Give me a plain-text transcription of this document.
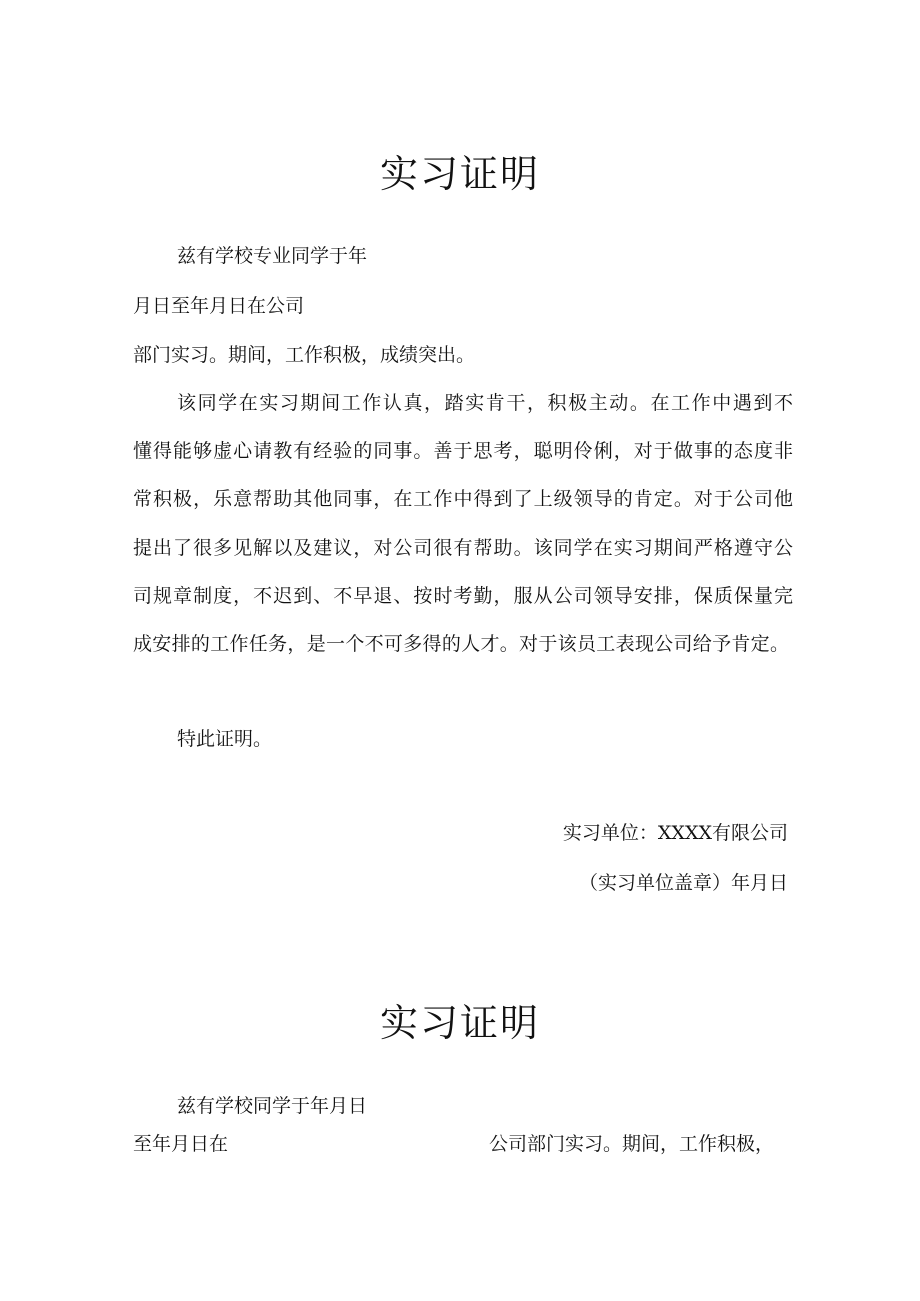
实习证明
兹有学校专业同学于年
月日至年月日在公司
部门实习。期间，工作积极，成绩突出。
该同学在实习期间工作认真，踏实肯干，积极主动。在工作中遇到不
懂得能够虚心请教有经验的同事。善于思考，聪明伶俐，对于做事的态度非
常积极，乐意帮助其他同事，在工作中得到了上级领导的肯定。对于公司他
提出了很多见解以及建议，对公司很有帮助。该同学在实习期间严格遵守公
司规章制度，不迟到、不早退、按时考勤，服从公司领导安排，保质保量完
成安排的工作任务，是一个不可多得的人才。对于该员工表现公司给予肯定。
特此证明。
实习单位：XXXX有限公司
（实习单位盖章）年月日
实习证明
兹有学校同学于年月日
至年月日在	公司部门实习。期间，工作积极，
